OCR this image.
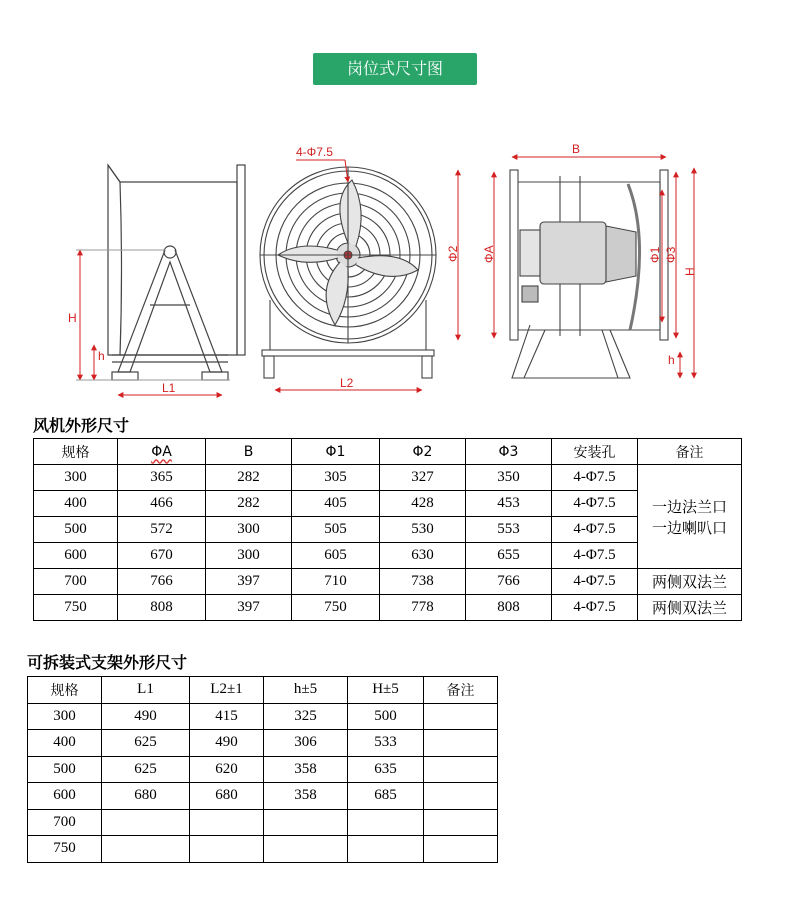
岗位式尺寸图
H
h
L1
4-Φ7.5
Φ2
L2
B
ΦA	Φ1 Φ3
H
h
风机外形尺寸
规格	ΦA	B	Φ1	Φ2	Φ3	安装孔	备注
300	365	282	305	327	350	4-Φ7.5	一边法兰口
一边喇叭口

400	466	282	405	428	453	4-Φ7.5	
500	572	300	505	530	553	4-Φ7.5	
600	670	300	605	630	655	4-Φ7.5	
700	766	397	710	738	766	4-Φ7.5	两侧双法兰
750	808	397	750	778	808	4-Φ7.5	两侧双法兰
可拆装式支架外形尺寸
规格	L1	L2±1	h±5	H±5	备注
300	490	415	325	500	
400	625	490	306	533	
500	625	620	358	635	
600	680	680	358	685	
700					
750					
